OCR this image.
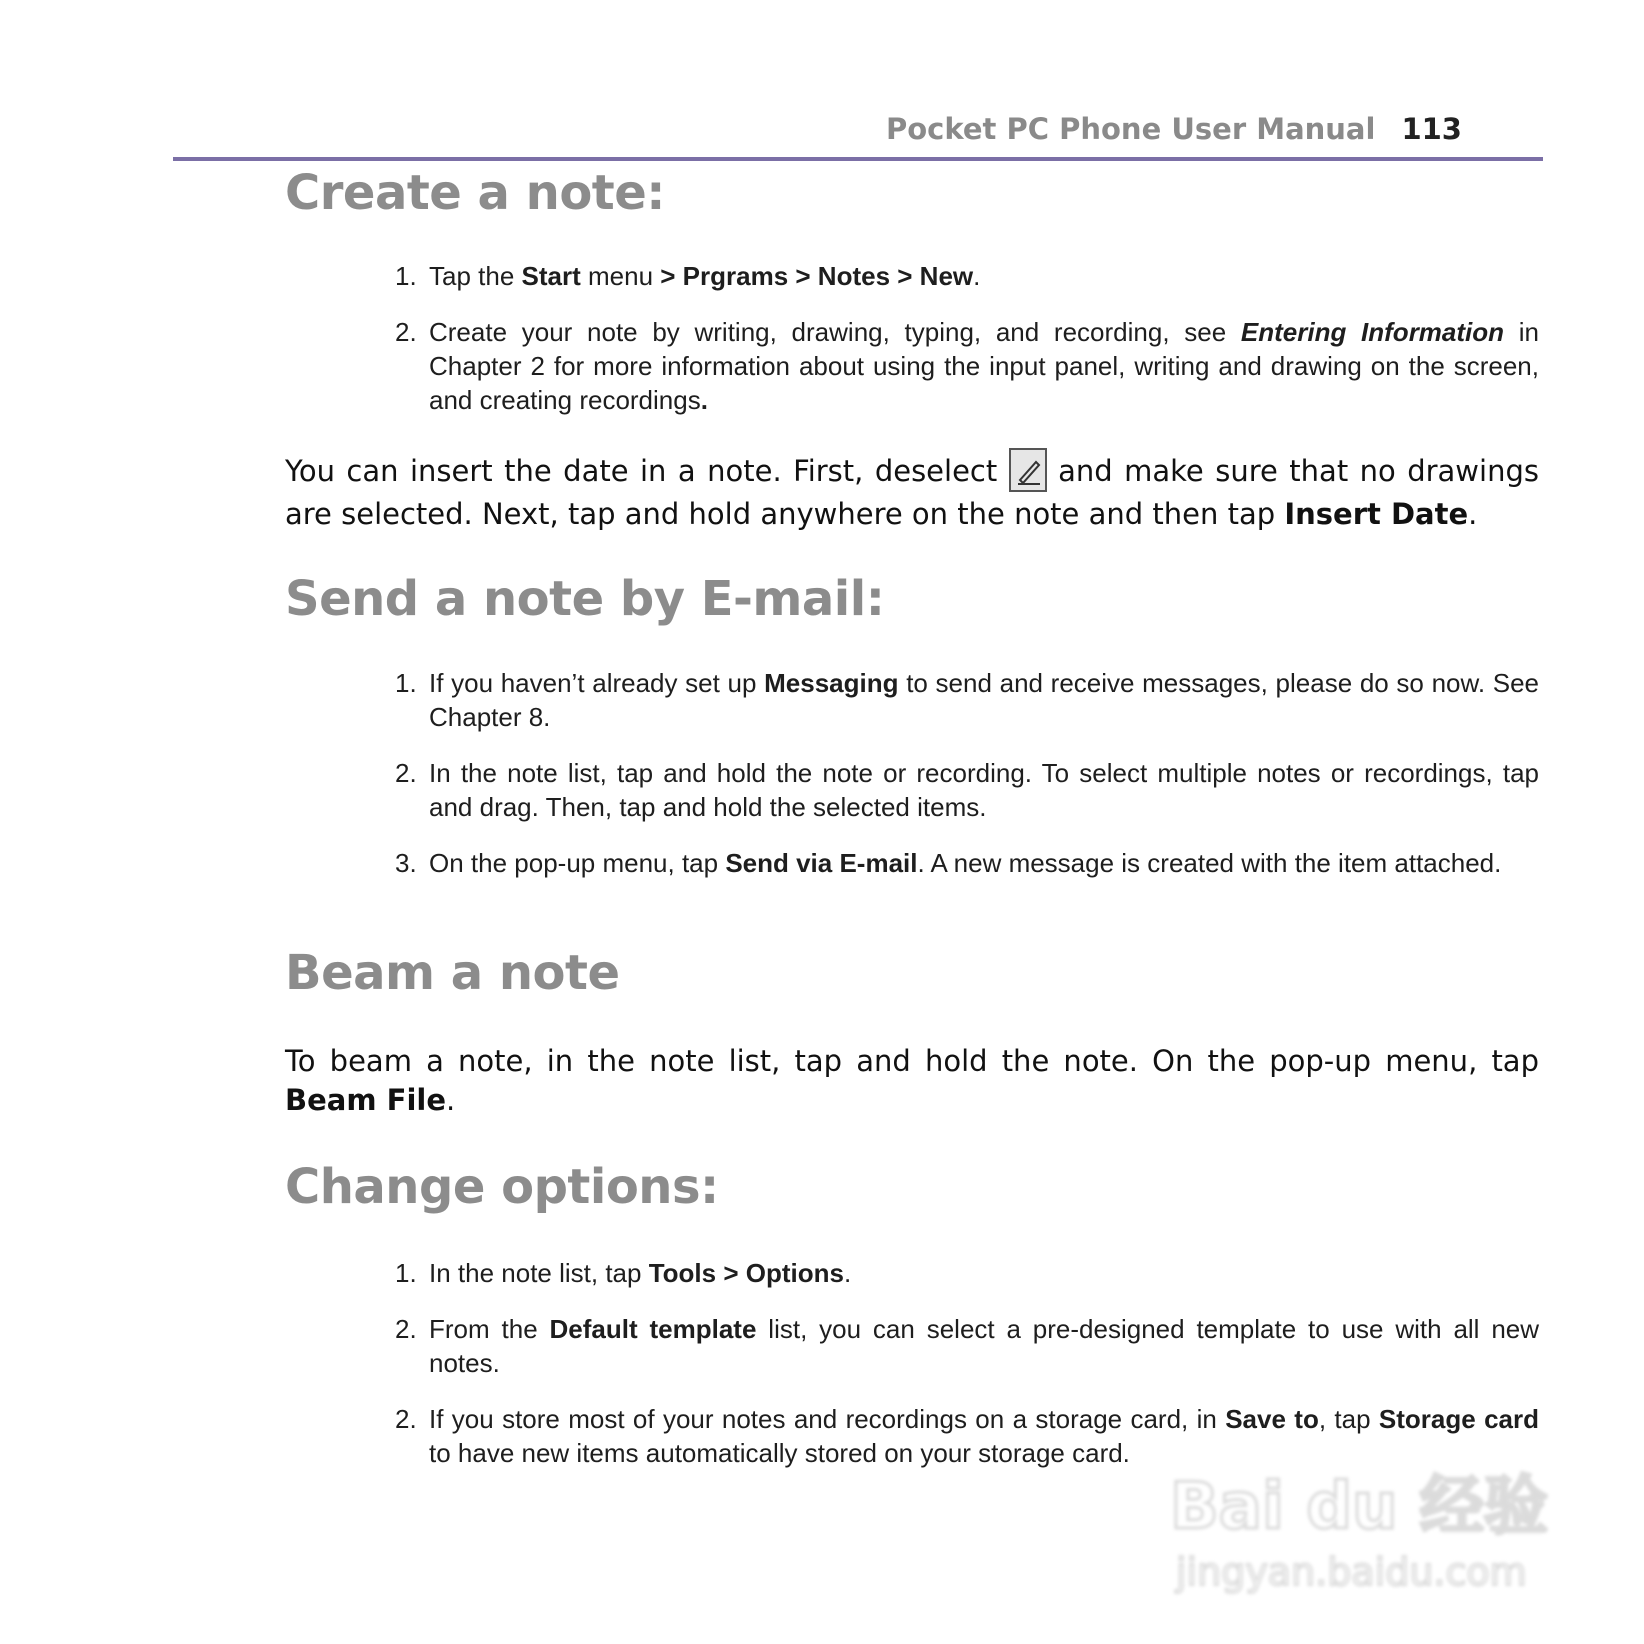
Pocket PC Phone User Manual 113
Create a note:
1. Tap the Start menu > Prgrams > Notes > New.
2. Create your note by writing, drawing, typing, and recording, see Entering Information in Chapter 2 for more information about using the input panel, writing and drawing on the screen, and creating recordings.

You can insert the date in a note. First, deselect
and make sure that no drawings are selected. Next, tap and hold anywhere on the note and then tap Insert Date.

Send a note by E-mail:
1. If you haven’t already set up Messaging to send and receive messages, please do so now. See Chapter 8.
2. In the note list, tap and hold the note or recording. To select multiple notes or recordings, tap and drag. Then, tap and hold the selected items.
3. On the pop-up menu, tap Send via E-mail. A new message is created with the item attached.
Beam a note

To beam a note, in the note list, tap and hold the note. On the pop-up menu, tap Beam File.

Change options:
1. In the note list, tap Tools > Options.
2. From the Default template list, you can select a pre-designed template to use with all new notes.
2. If you store most of your notes and recordings on a storage card, in Save to, tap Storage card to have new items automatically stored on your storage card.
Bai du 经验
jingyan.baidu.com
